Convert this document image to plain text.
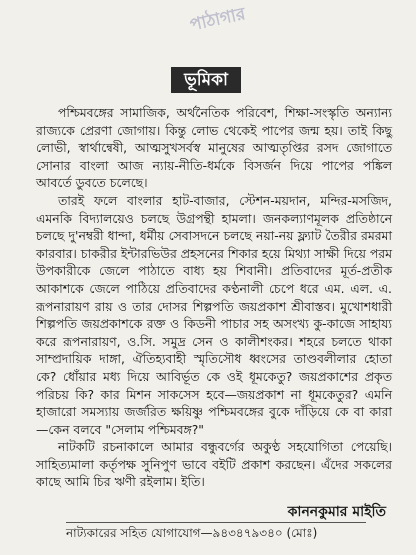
পাঠাগার
ভূমিকা

পশ্চিমবঙ্গের সামাজিক, অর্থনৈতিক পরিবেশ, শিক্ষা-সংস্কৃতি অন্যান্য রাজ্যকে প্রেরণা জোগায়। কিন্তু লোভ থেকেই পাপের জন্ম হয়। তাই কিছু লোভী, স্বার্থান্বেষী, আত্মসুখসর্বস্ব মানুষের আত্মতৃপ্তির রসদ জোগাতে সোনার বাংলা আজ ন্যায়-নীতি-ধর্মকে বিসর্জন দিয়ে পাপের পঙ্কিল আবর্তে ডুবতে চলেছে।

তারই ফলে বাংলার হাট-বাজার, স্টেশন-ময়দান, মন্দির-মসজিদ, এমনকি বিদ্যালয়েও চলছে উগ্রপন্থী হামলা। জনকল্যাণমূলক প্রতিষ্ঠানে চলছে দু'নম্বরী ধান্দা, ধর্মীয় সেবাসদনে চলছে নয়া-নয় ফ্ল্যাট তৈরীর রমরমা কারবার। চাকরীর ইন্টারভিউর প্রহসনের শিকার হয়ে মিথ্যা সাক্ষী দিয়ে পরম উপকারীকে জেলে পাঠাতে বাধ্য হয় শিবানী। প্রতিবাদের মূর্ত-প্রতীক আকাশকে জেলে পাঠিয়ে প্রতিবাদের কণ্ঠনালী চেপে ধরে এম. এল. এ. রূপনারায়ণ রায় ও তার দোসর শিল্পপতি জয়প্রকাশ শ্রীবাস্তব। মুখোশধারী শিল্পপতি জয়প্রকাশকে রক্ত ও কিডনী পাচার সহ অসংখ্য কু-কাজে সাহায্য করে রূপনারায়ণ, ও.সি. সমুদ্র সেন ও কালীশংকর। শহরে চলতে থাকা সাম্প্রদায়িক দাঙ্গা, ঐতিহ্যবাহী স্মৃতিসৌধ ধ্বংসের তাণ্ডবলীলার হোতা কে? ধোঁয়ার মধ্য দিয়ে আবির্ভূত কে ওই ধূমকেতু? জয়প্রকাশের প্রকৃত পরিচয় কি? কার মিশন সাকসেস হবে—জয়প্রকাশ না ধূমকেতুর? এমনি হাজারো সমস্যায় জর্জরিত ক্ষয়িষ্ণু পশ্চিমবঙ্গের বুকে দাঁড়িয়ে কে বা কারা—কেন বলবে "সেলাম পশ্চিমবঙ্গ?"

নাটকটি রচনাকালে আমার বন্ধুবর্গের অকুণ্ঠ সহযোগিতা পেয়েছি। সাহিত্যমালা কর্তৃপক্ষ সুনিপুণ ভাবে বইটি প্রকাশ করছেন। এঁদের সকলের কাছে আমি চির ঋণী রইলাম। ইতি।

কাননকুমার মাইতি
নাট্যকারের সহিত যোগাযোগ—৯৪৩৪৭৯৩৪০ (মোঃ)
